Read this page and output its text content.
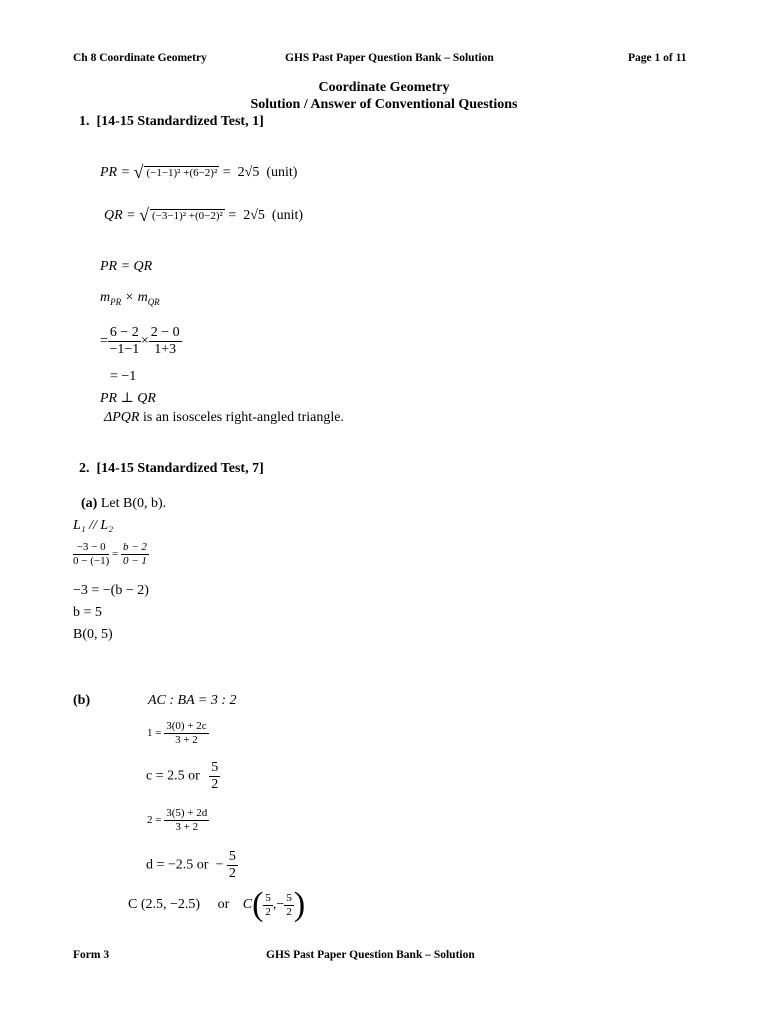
Ch 8 Coordinate Geometry	GHS Past Paper Question Bank – Solution	Page 1 of 11
Coordinate Geometry
Solution / Answer of Conventional Questions
1.  [14-15 Standardized Test, 1]
PR = √ (−1−1)² +(6−2)² =  2√5 (unit)
QR = √ (−3−1)² +(0−2)² =  2√5 (unit)
PR = QR
$m_{PR} \times m_{QR}$
= $\frac{6 - 2}{-1-1} \times \frac{2 - 0}{1+3}$
= −1
PR ⊥ QR
ΔPQR is an isosceles right-angled triangle.
2.  [14-15 Standardized Test, 7]
(a) Let B(0, b).
L₁ // L₂
$\frac{-3 - 0}{0 - (-1)} = \frac{b - 2}{0 - 1}$
−3 = −(b − 2)
b = 5
B(0, 5)
(b)	AC : BA = 3 : 2
$1 = \frac{3(0) + 2c}{3 + 2}$
c = 2.5 or $\frac{5}{2}$
$2 = \frac{3(5) + 2d}{3 + 2}$
d = −2.5 or  − $\frac{5}{2}$
C (2.5, −2.5) or $C( \frac{5}{2}$ ,− $\frac{5}{2}$ )
Form 3	GHS Past Paper Question Bank – Solution
